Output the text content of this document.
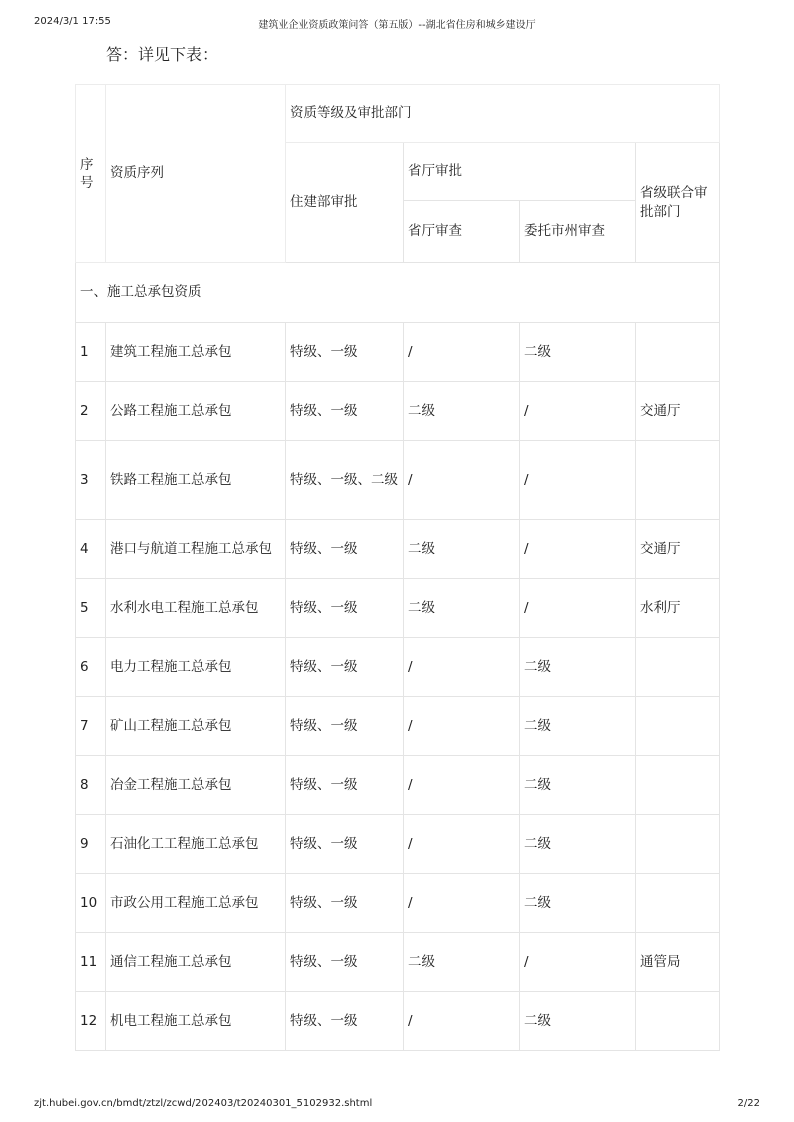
2024/3/1 17:55	建筑业企业资质政策问答（第五版）--湖北省住房和城乡建设厅
答：详见下表：
序号	资质序列	资质等级及审批部门			
		住建部审批	省厅审批		省级联合审批部门
			省厅审查	委托市州审查	
一、施工总承包资质					
1	建筑工程施工总承包	特级、一级	/	二级	
2	公路工程施工总承包	特级、一级	二级	/	交通厅
3	铁路工程施工总承包	特级、一级、二级	/	/	
4	港口与航道工程施工总承包	特级、一级	二级	/	交通厅
5	水利水电工程施工总承包	特级、一级	二级	/	水利厅
6	电力工程施工总承包	特级、一级	/	二级	
7	矿山工程施工总承包	特级、一级	/	二级	
8	冶金工程施工总承包	特级、一级	/	二级	
9	石油化工工程施工总承包	特级、一级	/	二级	
10	市政公用工程施工总承包	特级、一级	/	二级	
11	通信工程施工总承包	特级、一级	二级	/	通管局
12	机电工程施工总承包	特级、一级	/	二级	
zjt.hubei.gov.cn/bmdt/ztzl/zcwd/202403/t20240301_5102932.shtml	2/22
